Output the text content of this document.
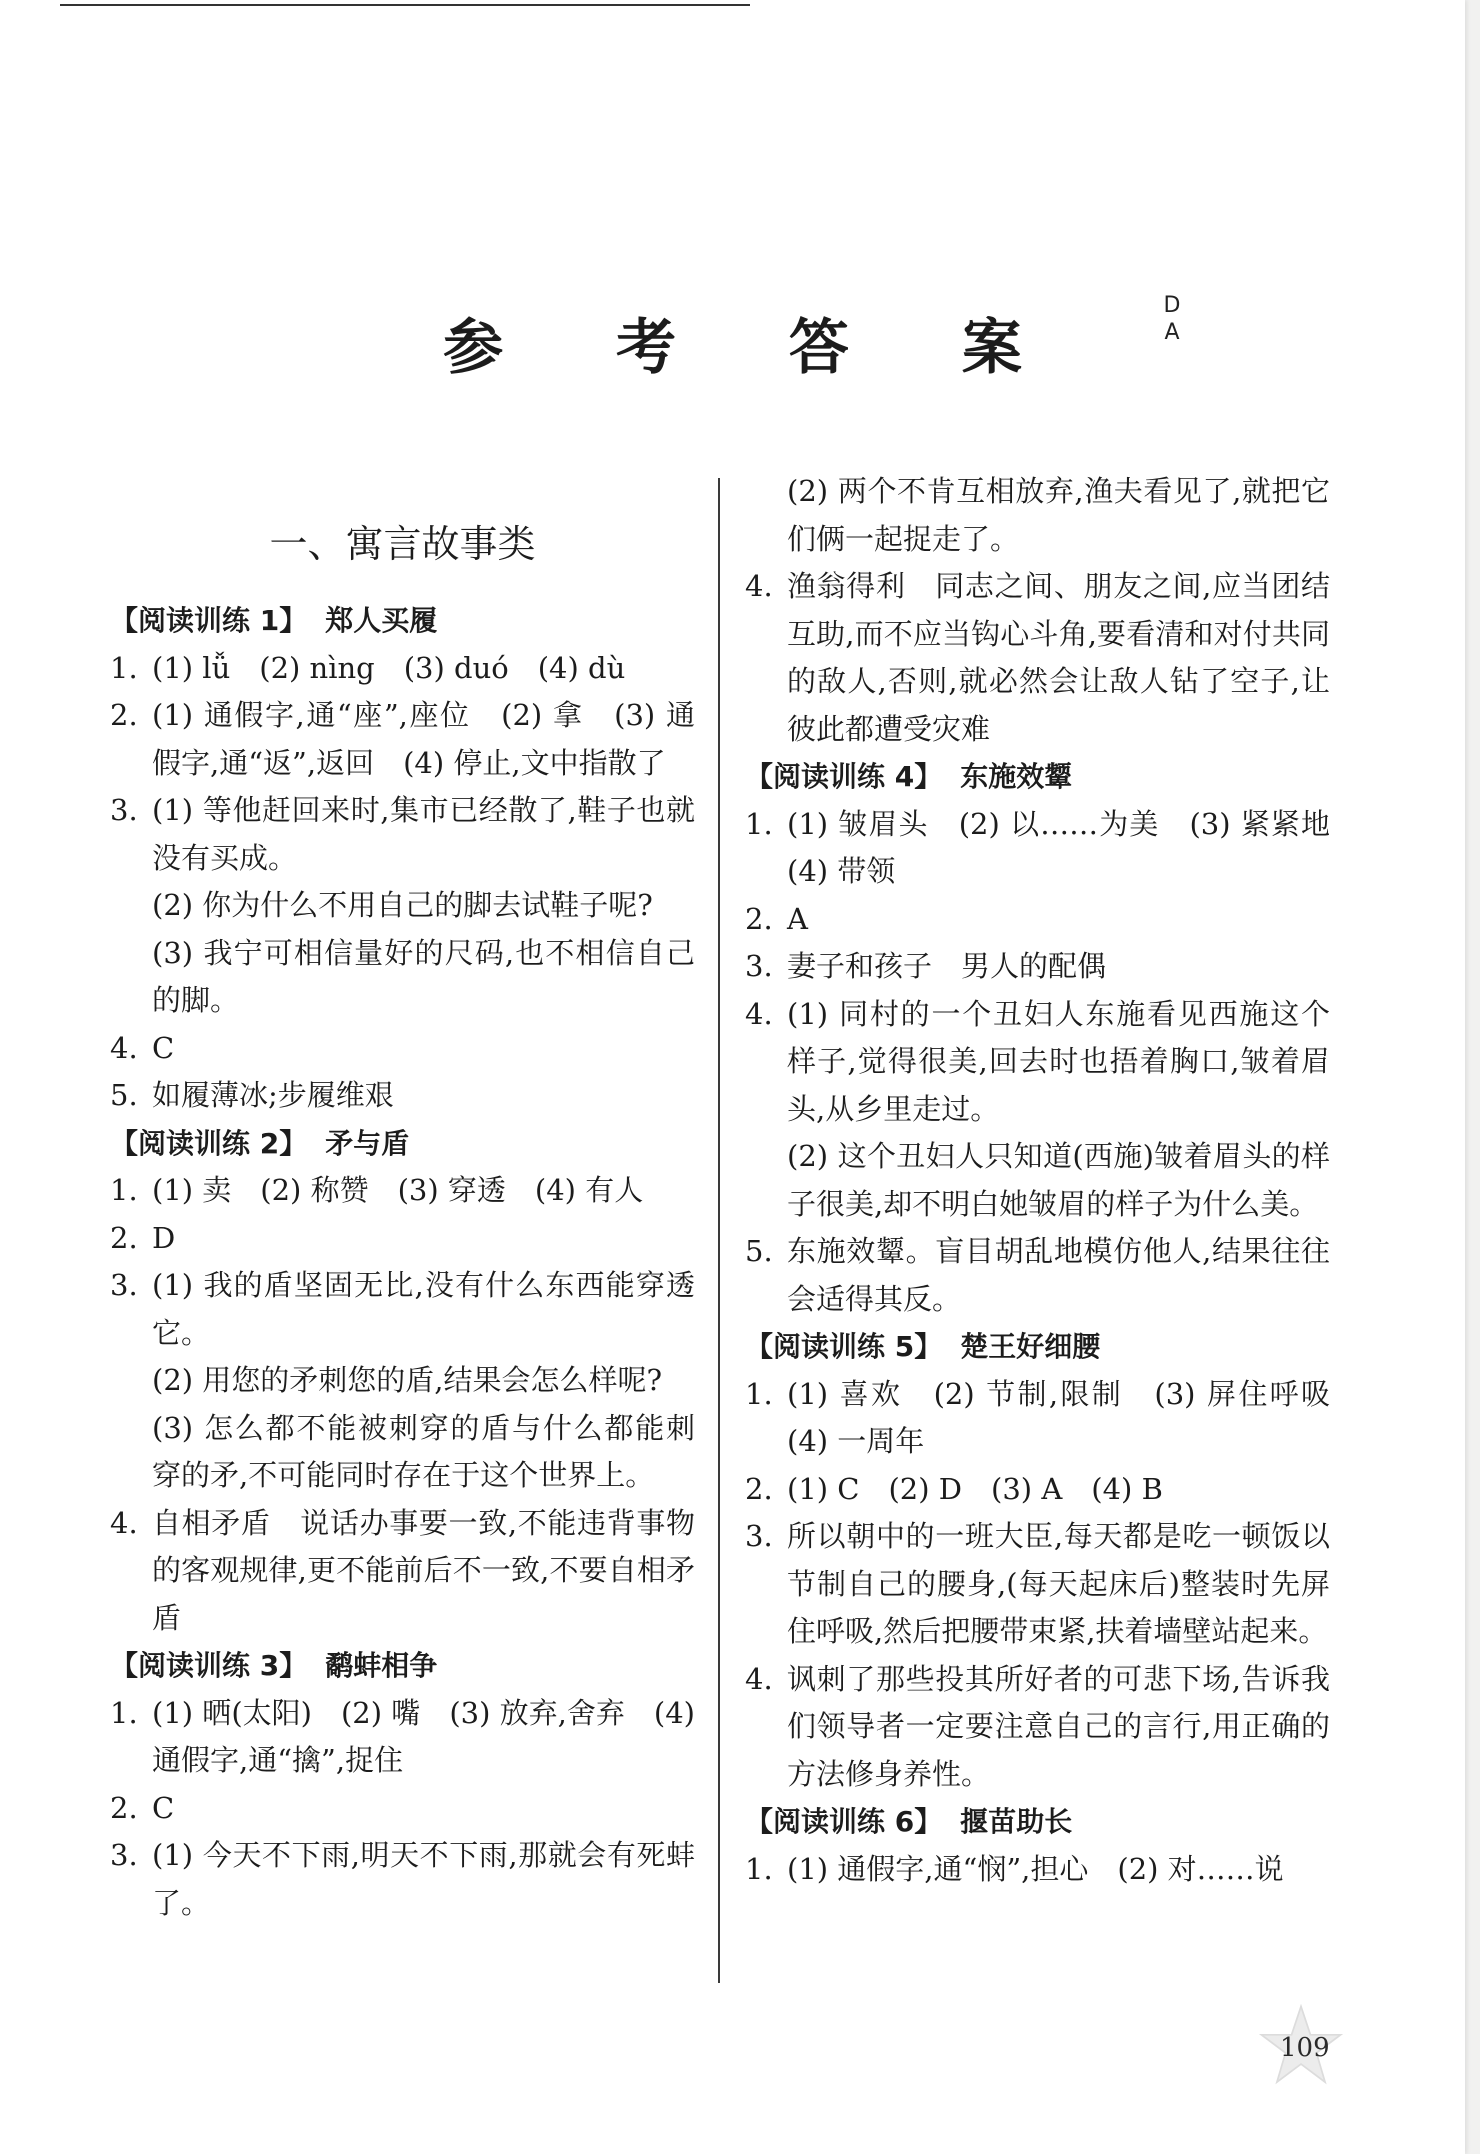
参 考 答 案
D
A
一、寓言故事类
【阅读训练 1】 郑人买履
1. (1) lǚ　(2) nìng　(3) duó　(4) dù
2. (1) 通假字,通“座”,座位　(2) 拿　(3) 通假字,通“返”,返回　(4) 停止,文中指散了
3. (1) 等他赶回来时,集市已经散了,鞋子也就没有买成。
(2) 你为什么不用自己的脚去试鞋子呢?
(3) 我宁可相信量好的尺码,也不相信自己的脚。
4. C
5. 如履薄冰;步履维艰
【阅读训练 2】 矛与盾
1. (1) 卖　(2) 称赞　(3) 穿透　(4) 有人
2. D
3. (1) 我的盾坚固无比,没有什么东西能穿透它。
(2) 用您的矛刺您的盾,结果会怎么样呢?
(3) 怎么都不能被刺穿的盾与什么都能刺穿的矛,不可能同时存在于这个世界上。
4. 自相矛盾　说话办事要一致,不能违背事物的客观规律,更不能前后不一致,不要自相矛盾
【阅读训练 3】 鹬蚌相争
1. (1) 晒(太阳)　(2) 嘴　(3) 放弃,舍弃　(4) 通假字,通“擒”,捉住
2. C
3. (1) 今天不下雨,明天不下雨,那就会有死蚌了。
(2) 两个不肯互相放弃,渔夫看见了,就把它们俩一起捉走了。
4. 渔翁得利　同志之间、朋友之间,应当团结互助,而不应当钩心斗角,要看清和对付共同的敌人,否则,就必然会让敌人钻了空子,让彼此都遭受灾难
【阅读训练 4】 东施效颦
1. (1) 皱眉头　(2) 以……为美　(3) 紧紧地　(4) 带领
2. A
3. 妻子和孩子　男人的配偶
4. (1) 同村的一个丑妇人东施看见西施这个样子,觉得很美,回去时也捂着胸口,皱着眉头,从乡里走过。
(2) 这个丑妇人只知道(西施)皱着眉头的样子很美,却不明白她皱眉的样子为什么美。
5. 东施效颦。盲目胡乱地模仿他人,结果往往会适得其反。
【阅读训练 5】 楚王好细腰
1. (1) 喜欢　(2) 节制,限制　(3) 屏住呼吸　(4) 一周年
2. (1) C　(2) D　(3) A　(4) B
3. 所以朝中的一班大臣,每天都是吃一顿饭以节制自己的腰身,(每天起床后)整装时先屏住呼吸,然后把腰带束紧,扶着墙壁站起来。
4. 讽刺了那些投其所好者的可悲下场,告诉我们领导者一定要注意自己的言行,用正确的方法修身养性。
【阅读训练 6】 揠苗助长
1. (1) 通假字,通“悯”,担心　(2) 对……说
109
